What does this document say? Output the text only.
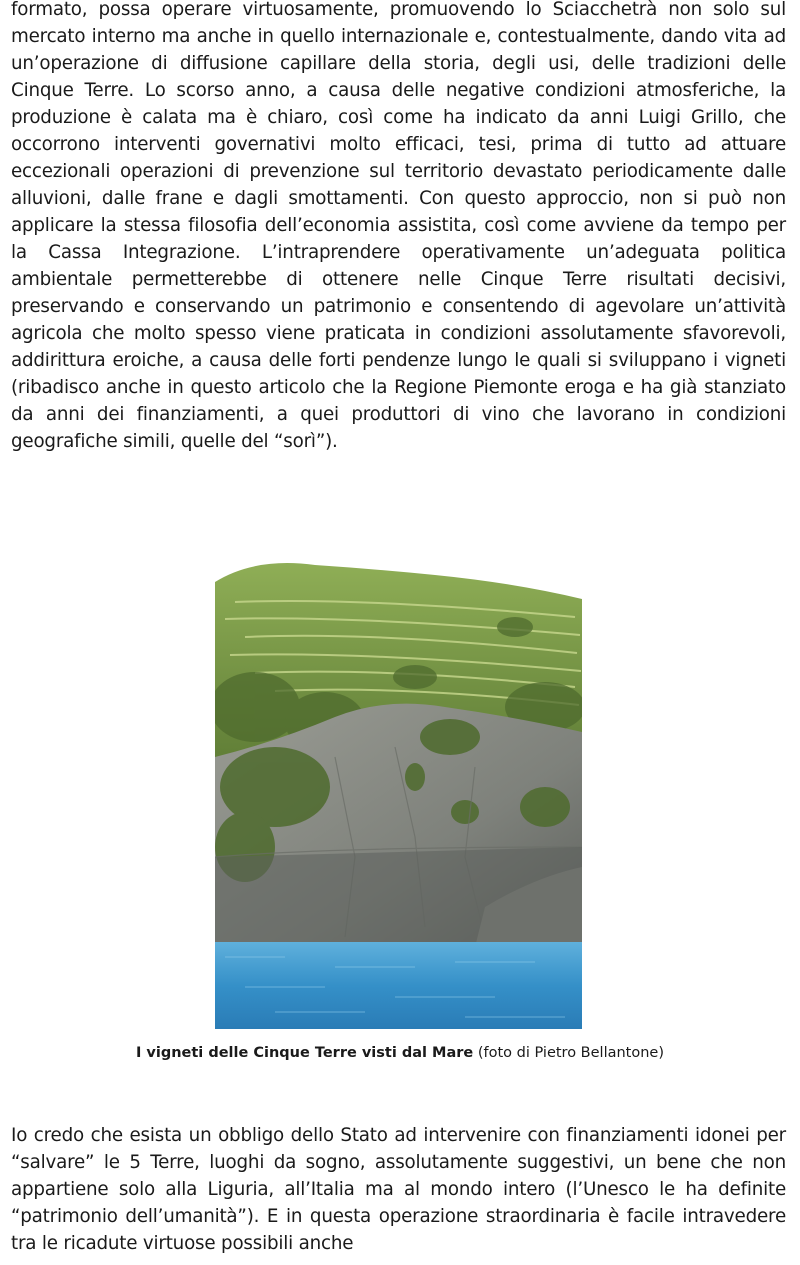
formato, possa operare virtuosamente, promuovendo lo Sciacchetrà non solo sul mercato interno ma anche in quello internazionale e, contestualmente, dando vita ad un’operazione di diffusione capillare della storia, degli usi, delle tradizioni delle Cinque Terre. Lo scorso anno, a causa delle negative condizioni atmosferiche, la produzione è calata ma è chiaro, così come ha indicato da anni Luigi Grillo, che occorrono interventi governativi molto efficaci, tesi, prima di tutto ad attuare eccezionali operazioni di prevenzione sul territorio devastato periodicamente dalle alluvioni, dalle frane e dagli smottamenti. Con questo approccio, non si può non applicare la stessa filosofia dell’economia assistita, così come avviene da tempo per la Cassa Integrazione. L’intraprendere operativamente un’adeguata politica ambientale permetterebbe di ottenere nelle Cinque Terre risultati decisivi, preservando e conservando un patrimonio e consentendo di agevolare un’attività agricola che molto spesso viene praticata in condizioni assolutamente sfavorevoli, addirittura eroiche, a causa delle forti pendenze lungo le quali si sviluppano i vigneti (ribadisco anche in questo articolo che la Regione Piemonte eroga e ha già stanziato da anni dei finanziamenti, a quei produttori di vino che lavorano in condizioni geografiche simili, quelle del “sorì”).

I vigneti delle Cinque Terre visti dal Mare (foto di Pietro Bellantone)

Io credo che esista un obbligo dello Stato ad intervenire con finanziamenti idonei per “salvare” le 5 Terre, luoghi da sogno, assolutamente suggestivi, un bene che non appartiene solo alla Liguria, all’Italia ma al mondo intero (l’Unesco le ha definite “patrimonio dell’umanità”). E in questa operazione straordinaria è facile intravedere tra le ricadute virtuose possibili anche
